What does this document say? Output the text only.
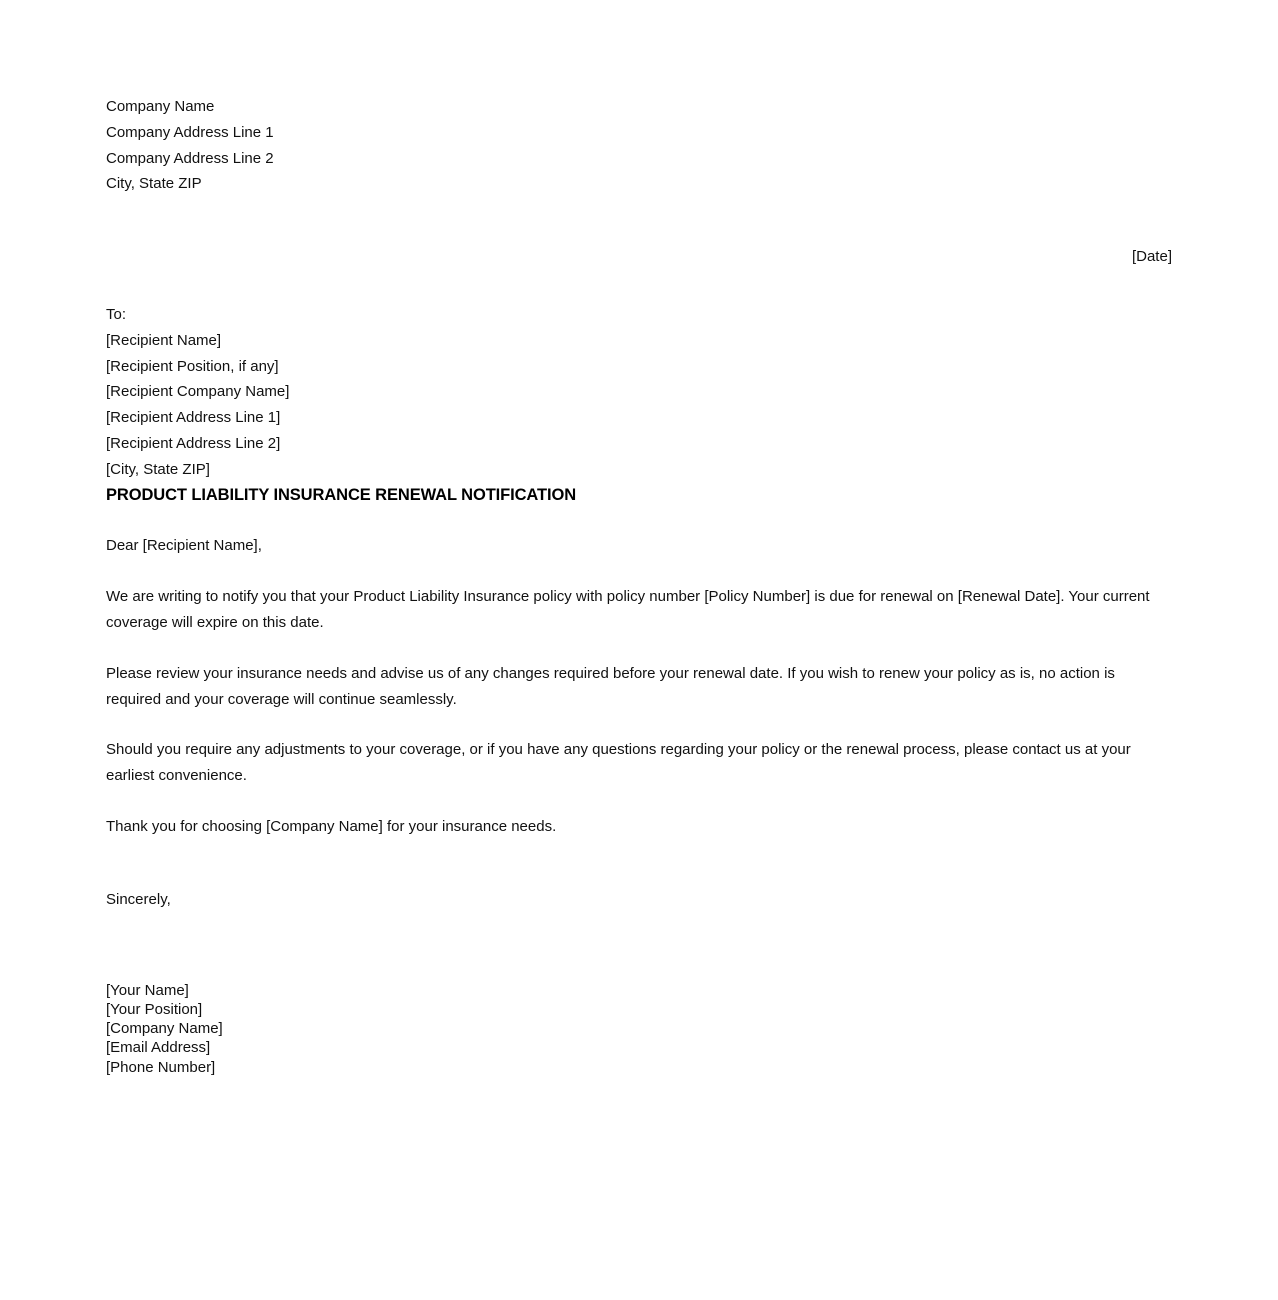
Company Name
Company Address Line 1
Company Address Line 2
City, State ZIP
[Date]
To:
[Recipient Name]
[Recipient Position, if any]
[Recipient Company Name]
[Recipient Address Line 1]
[Recipient Address Line 2]
[City, State ZIP]
PRODUCT LIABILITY INSURANCE RENEWAL NOTIFICATION
Dear [Recipient Name],

We are writing to notify you that your Product Liability Insurance policy with policy number [Policy Number] is due for renewal on [Renewal Date]. Your current coverage will expire on this date.

Please review your insurance needs and advise us of any changes required before your renewal date. If you wish to renew your policy as is, no action is required and your coverage will continue seamlessly.

Should you require any adjustments to your coverage, or if you have any questions regarding your policy or the renewal process, please contact us at your earliest convenience.

Thank you for choosing [Company Name] for your insurance needs.

Sincerely,
[Your Name]
[Your Position]
[Company Name]
[Email Address]
[Phone Number]
